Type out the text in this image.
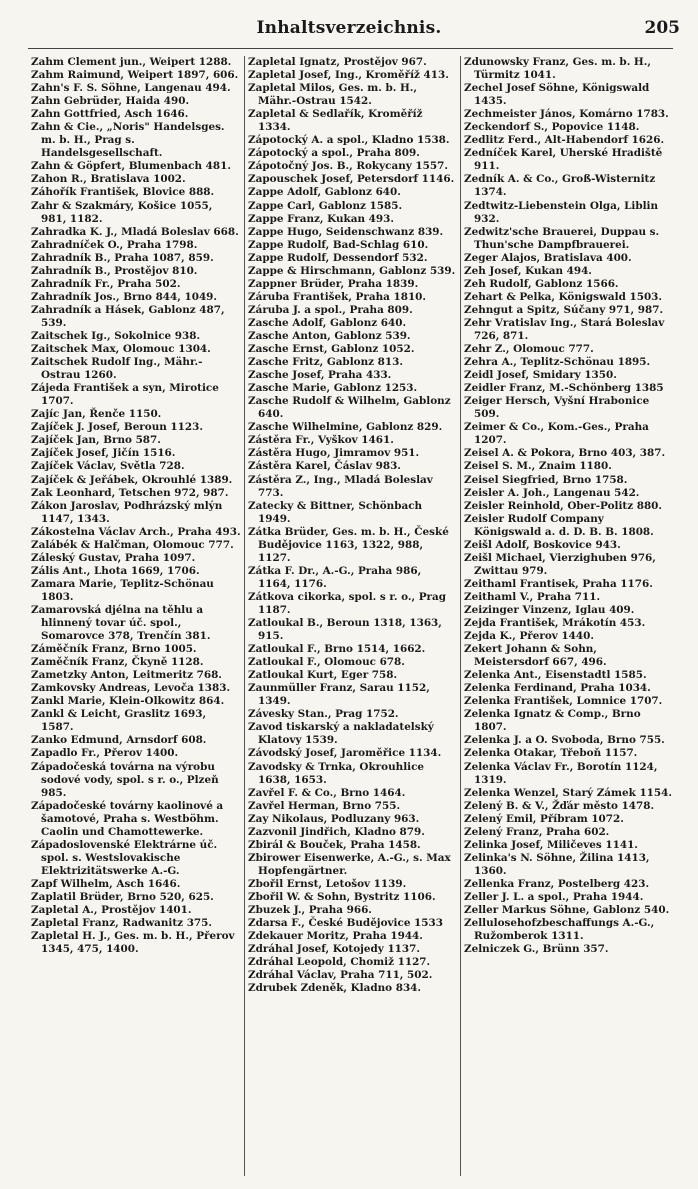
Inhaltsverzeichnis.	205

Zahm Clement jun., Weipert 1288.

Zahm Raimund, Weipert 1897, 606.

Zahn's F. S. Söhne, Langenau 494.

Zahn Gebrüder, Haida 490.

Zahn Gottfried, Asch 1646.

Zahn & Cie., „Noris" Handelsges. m. b. H., Prag s. Handelsgesellschaft.

Zahn & Göpfert, Blumenbach 481.

Zahon R., Bratislava 1002.

Záhořík František, Blovice 888.

Zahr & Szakmáry, Košice 1055, 981, 1182.

Zahradka K. J., Mladá Boleslav 668.

Zahradníček O., Praha 1798.

Zahradník B., Praha 1087, 859.

Zahradník B., Prostějov 810.

Zahradník Fr., Praha 502.

Zahradník Jos., Brno 844, 1049.

Zahradník a Hásek, Gablonz 487, 539.

Zaitschek Ig., Sokolnice 938.

Zaitschek Max, Olomouc 1304.

Zaitschek Rudolf Ing., Mähr.-Ostrau 1260.

Zájeda František a syn, Mirotice 1707.

Zajíc Jan, Řenče 1150.

Zajíček J. Josef, Beroun 1123.

Zajíček Jan, Brno 587.

Zajíček Josef, Jičín 1516.

Zajíček Václav, Světla 728.

Zajíček & Jeřábek, Okrouhlé 1389.

Zak Leonhard, Tetschen 972, 987.

Zákon Jaroslav, Podhrázský mlýn 1147, 1343.

Zákostelna Václav Arch., Praha 493.

Zalábék & Halčman, Olomouc 777.

Záleský Gustav, Praha 1097.

Zális Ant., Lhota 1669, 1706.

Zamara Marie, Teplitz-Schönau 1803.

Zamarovská djélna na těhlu a hlinnený tovar úč. spol., Somarovce 378, Trenčín 381.

Záměčník Franz, Brno 1005.

Zaměčník Franz, Čkyně 1128.

Zametzky Anton, Leitmeritz 768.

Zamkovsky Andreas, Levoča 1383.

Zankl Marie, Klein-Olkowitz 864.

Zankl & Leicht, Graslitz 1693, 1587.

Zanko Edmund, Arnsdorf 608.

Zapadlo Fr., Přerov 1400.

Západočeská továrna na výrobu sodové vody, spol. s r. o., Plzeň 985.

Západočeské továrny kaolinové a šamotové, Praha s. Westböhm. Caolin und Chamottewerke.

Západoslovenské Elektrárne úč. spol. s. Westslovakische Elektrizitätswerke A.-G.

Zapf Wilhelm, Asch 1646.

Zaplatil Brüder, Brno 520, 625.

Zapletal A., Prostějov 1401.

Zapletal Franz, Radwanitz 375.

Zapletal H. J., Ges. m. b. H., Přerov 1345, 475, 1400.

Zapletal Ignatz, Prostějov 967.

Zapletal Josef, Ing., Kroměříž 413.

Zapletal Milos, Ges. m. b. H., Mähr.-Ostrau 1542.

Zapletal & Sedlařík, Kroměříž 1334.

Zápotocký A. a spol., Kladno 1538.

Zápotocký a spol., Praha 809.

Zápotočný Jos. B., Rokycany 1557.

Zapouschek Josef, Petersdorf 1146.

Zappe Adolf, Gablonz 640.

Zappe Carl, Gablonz 1585.

Zappe Franz, Kukan 493.

Zappe Hugo, Seidenschwanz 839.

Zappe Rudolf, Bad-Schlag 610.

Zappe Rudolf, Dessendorf 532.

Zappe & Hirschmann, Gablonz 539.

Zappner Brüder, Praha 1839.

Záruba František, Praha 1810.

Záruba J. a spol., Praha 809.

Zasche Adolf, Gablonz 640.

Zasche Anton, Gablonz 539.

Zasche Ernst, Gablonz 1052.

Zasche Fritz, Gablonz 813.

Zasche Josef, Praha 433.

Zasche Marie, Gablonz 1253.

Zasche Rudolf & Wilhelm, Gablonz 640.

Zasche Wilhelmine, Gablonz 829.

Zástěra Fr., Vyškov 1461.

Zástěra Hugo, Jimramov 951.

Zástěra Karel, Čáslav 983.

Zástěra Z., Ing., Mladá Boleslav 773.

Zatecky & Bittner, Schönbach 1949.

Zátka Brüder, Ges. m. b. H., České Budějovice 1163, 1322, 988, 1127.

Zátka F. Dr., A.-G., Praha 986, 1164, 1176.

Zátkova cikorka, spol. s r. o., Prag 1187.

Zatloukal B., Beroun 1318, 1363, 915.

Zatloukal F., Brno 1514, 1662.

Zatloukal F., Olomouc 678.

Zatloukal Kurt, Eger 758.

Zaunmüller Franz, Sarau 1152, 1349.

Závesky Stan., Prag 1752.

Zavod tiskarský a nakladatelský Klatovy 1539.

Závodský Josef, Jaroměřice 1134.

Zavodsky & Trnka, Okrouhlice 1638, 1653.

Zavřel F. & Co., Brno 1464.

Zavřel Herman, Brno 755.

Zay Nikolaus, Podluzany 963.

Zazvonil Jindřich, Kladno 879.

Zbirál & Bouček, Praha 1458.

Zbirower Eisenwerke, A.-G., s. Max Hopfengärtner.

Zbořil Ernst, Letošov 1139.

Zbořil W. & Sohn, Bystritz 1106.

Zbuzek J., Praha 966.

Zdarsa F., České Budějovice 1533

Zdekauer Moritz, Praha 1944.

Zdráhal Josef, Kotojedy 1137.

Zdráhal Leopold, Chomiž 1127.

Zdráhal Václav, Praha 711, 502.

Zdrubek Zdeněk, Kladno 834.

Zdunowsky Franz, Ges. m. b. H., Türmitz 1041.

Zechel Josef Söhne, Königswald 1435.

Zechmeister János, Komárno 1783.

Zeckendorf S., Popovice 1148.

Zedlitz Ferd., Alt-Habendorf 1626.

Zedníček Karel, Uherské Hradiště 911.

Zedník A. & Co., Groß-Wisternitz 1374.

Zedtwitz-Liebenstein Olga, Liblin 932.

Zedwitz'sche Brauerei, Duppau s. Thun'sche Dampfbrauerei.

Zeger Alajos, Bratislava 400.

Zeh Josef, Kukan 494.

Zeh Rudolf, Gablonz 1566.

Zehart & Pelka, Königswald 1503.

Zehngut a Spitz, Súčany 971, 987.

Zehr Vratislav Ing., Stará Boleslav 726, 871.

Zehr Z., Olomouc 777.

Zehra A., Teplitz-Schönau 1895.

Zeidl Josef, Smidary 1350.

Zeidler Franz, M.-Schönberg 1385

Zeiger Hersch, Vyšní Hrabonice 509.

Zeimer & Co., Kom.-Ges., Praha 1207.

Zeisel A. & Pokora, Brno 403, 387.

Zeisel S. M., Znaim 1180.

Zeisel Siegfried, Brno 1758.

Zeisler A. Joh., Langenau 542.

Zeisler Reinhold, Ober-Politz 880.

Zeisler Rudolf Company Königswald a. d. D. B. B. 1808.

Zeišl Adolf, Boskovice 943.

Zeišl Michael, Vierzighuben 976, Zwittau 979.

Zeithaml Frantisek, Praha 1176.

Zeithaml V., Praha 711.

Zeizinger Vinzenz, Iglau 409.

Zejda František, Mrákotín 453.

Zejda K., Přerov 1440.

Zekert Johann & Sohn, Meistersdorf 667, 496.

Zelenka Ant., Eisenstadtl 1585.

Zelenka Ferdinand, Praha 1034.

Zelenka František, Lomnice 1707.

Zelenka Ignatz & Comp., Brno 1807.

Zelenka J. a O. Svoboda, Brno 755.

Zelenka Otakar, Třeboň 1157.

Zelenka Václav Fr., Borotín 1124, 1319.

Zelenka Wenzel, Starý Zámek 1154.

Zelený B. & V., Žďár město 1478.

Zelený Emil, Příbram 1072.

Zelený Franz, Praha 602.

Zelinka Josef, Miličeves 1141.

Zelinka's N. Söhne, Žilina 1413, 1360.

Zellenka Franz, Postelberg 423.

Zeller J. L. a spol., Praha 1944.

Zeller Markus Söhne, Gablonz 540.

Zellulosehofzbeschaffungs A.-G., Ružomberok 1311.

Zelniczek G., Brünn 357.
